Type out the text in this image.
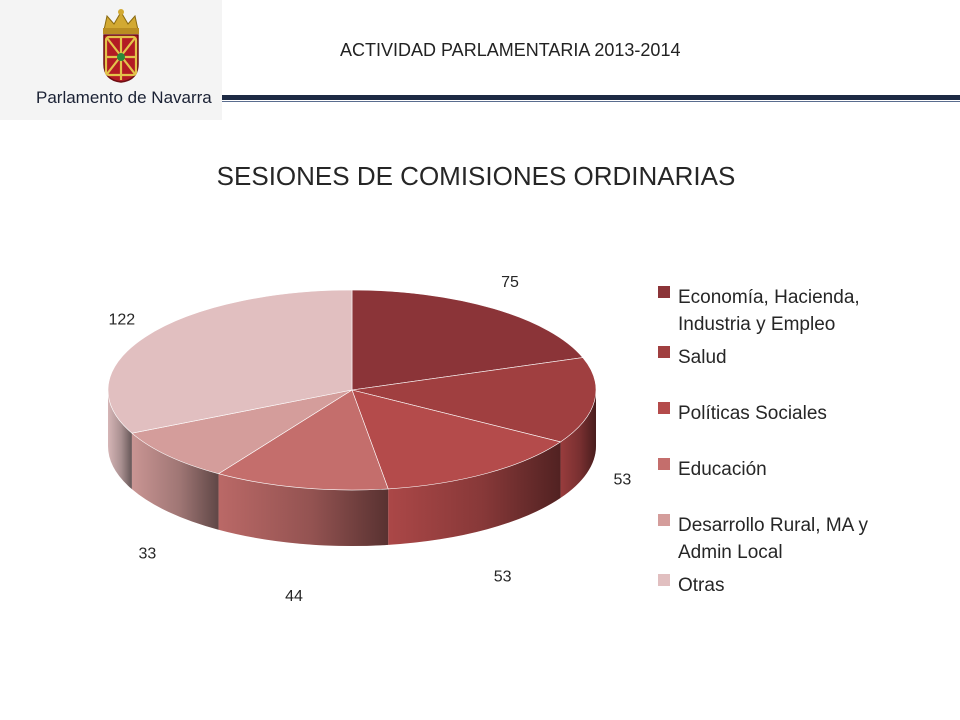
Parlamento de Navarra
ACTIVIDAD PARLAMENTARIA 2013-2014
SESIONES DE COMISIONES ORDINARIAS
75
53
53
44
33
122
Economía, Hacienda,
Industria y Empleo
Salud
Políticas Sociales
Educación
Desarrollo Rural, MA y
Admin Local
Otras
